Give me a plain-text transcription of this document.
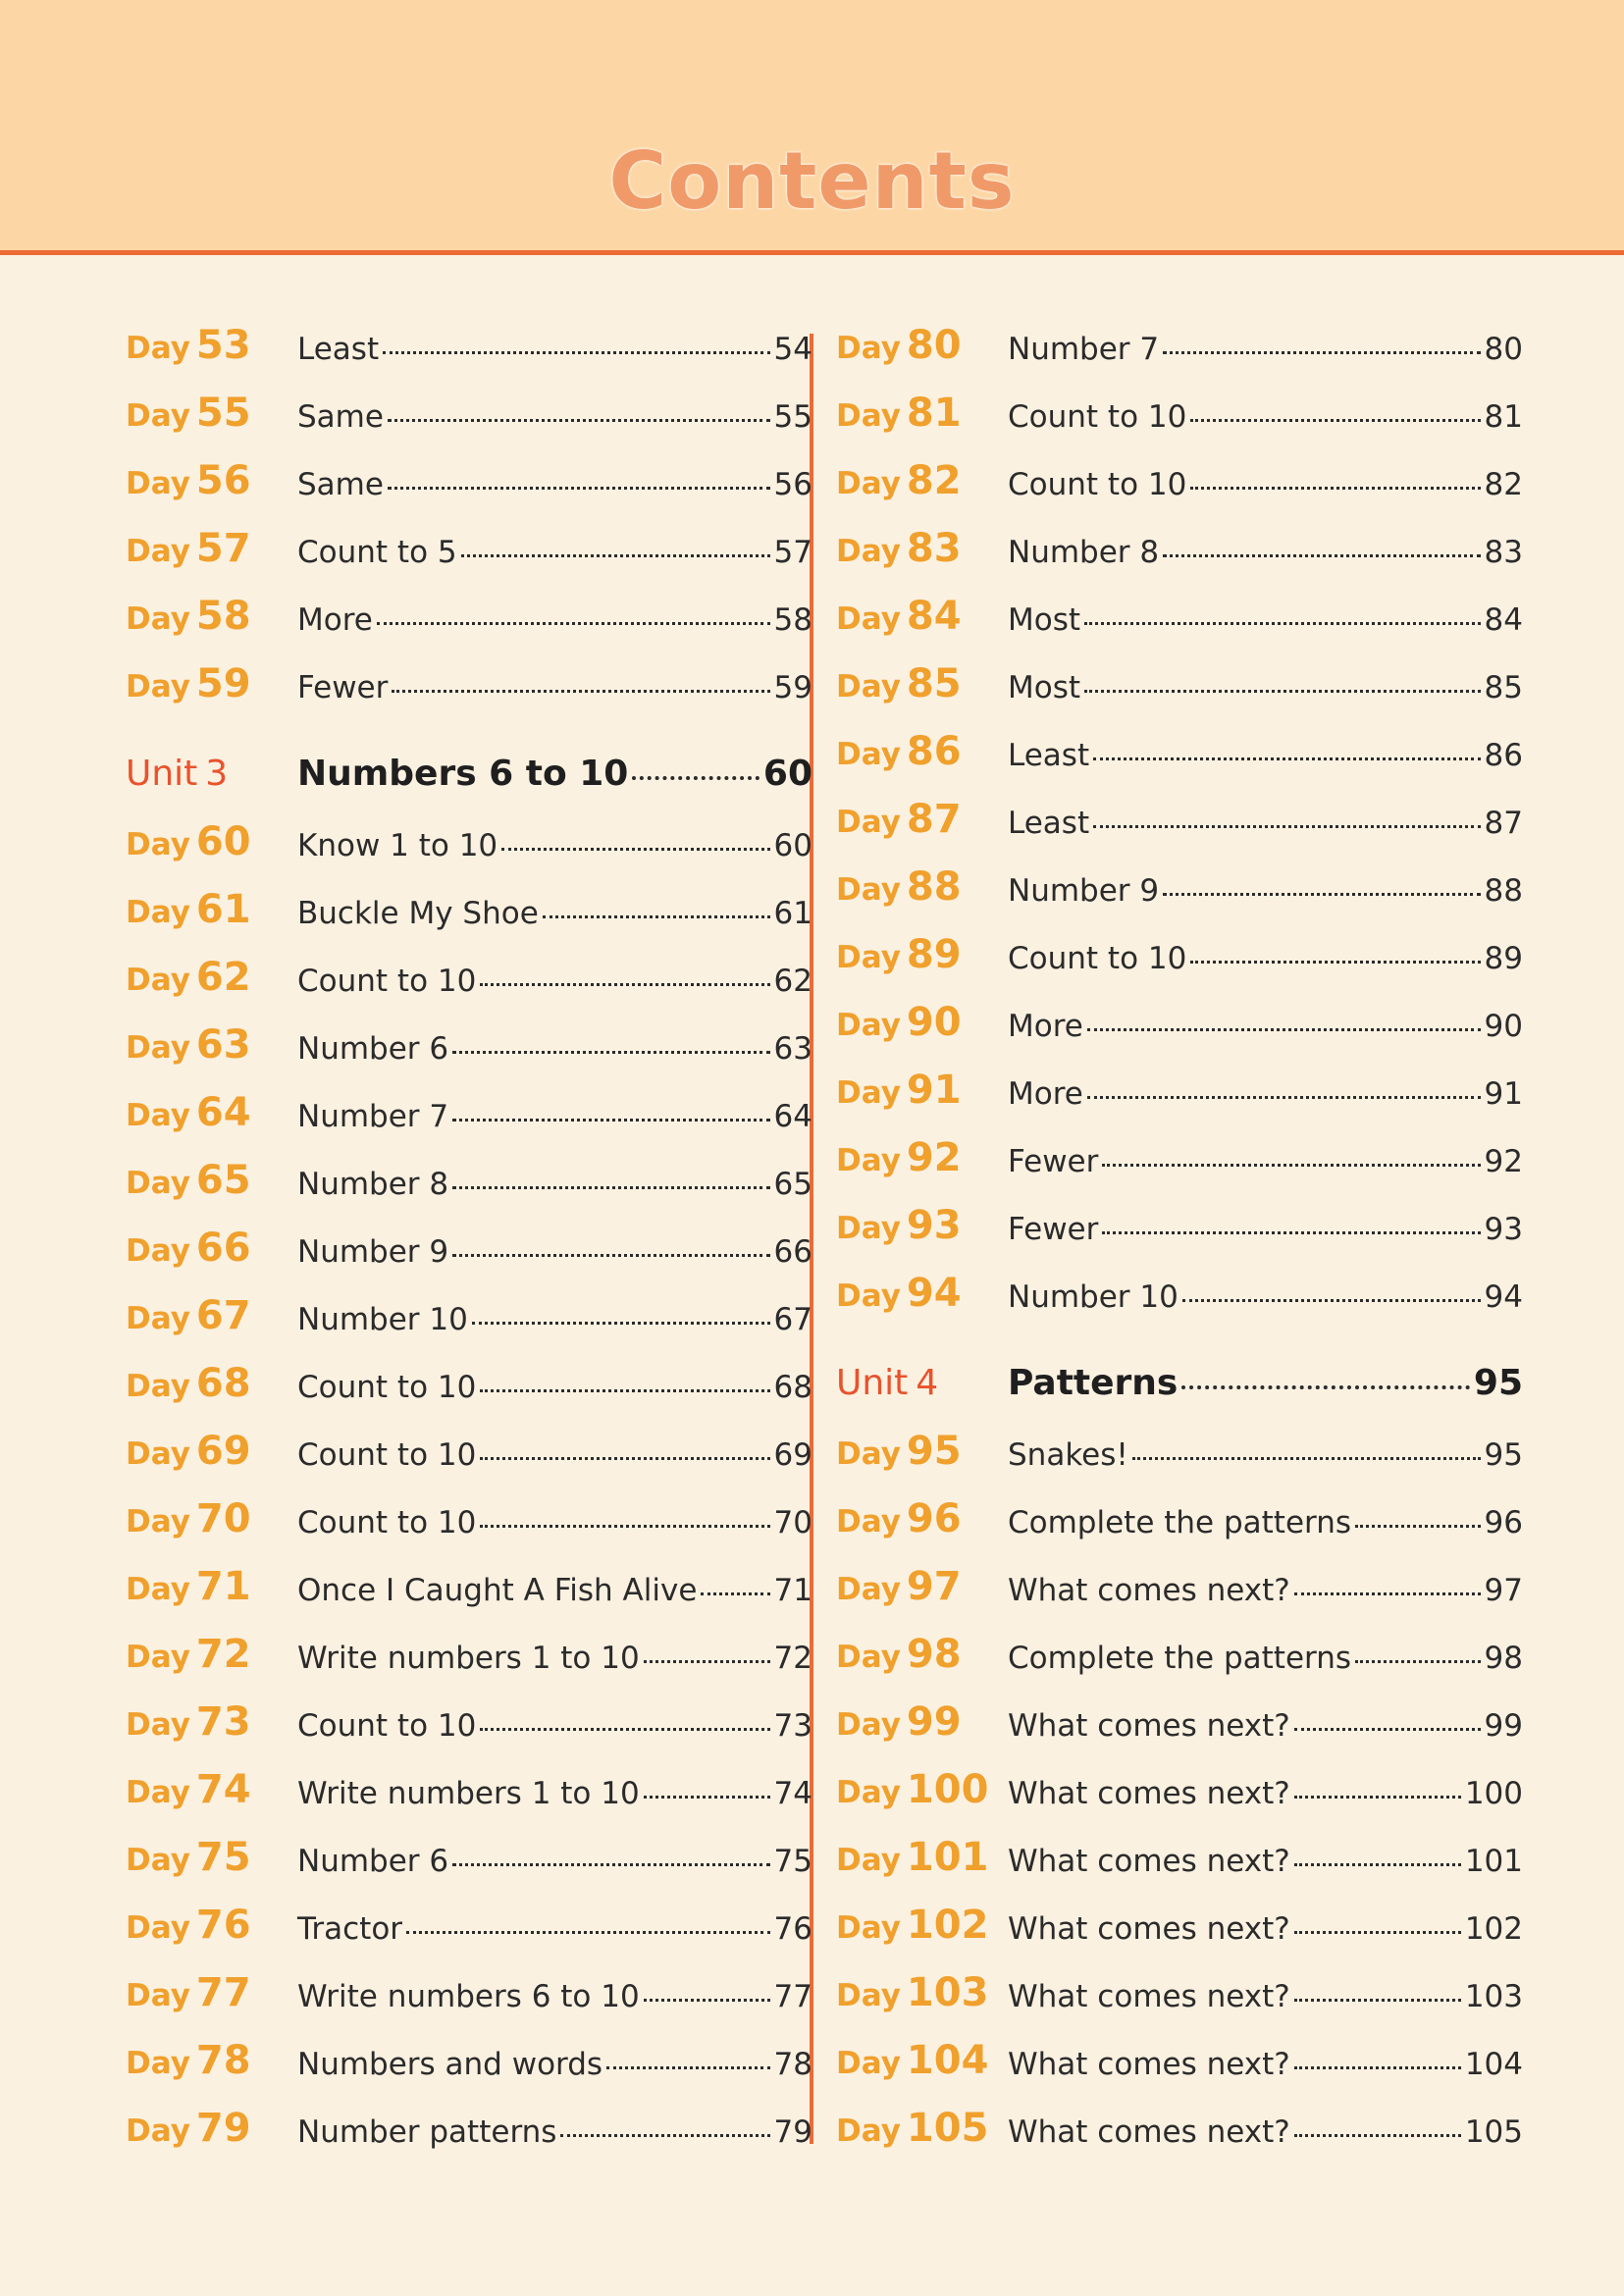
Contents
Day 53 Least	54
Day 55 Same	55
Day 56 Same	56
Day 57 Count to 5	57
Day 58 More	58
Day 59 Fewer	59
Unit 3 Numbers 6 to 10	60
Day 60 Know 1 to 10	60
Day 61 Buckle My Shoe	61
Day 62 Count to 10	62
Day 63 Number 6	63
Day 64 Number 7	64
Day 65 Number 8	65
Day 66 Number 9	66
Day 67 Number 10	67
Day 68 Count to 10	68
Day 69 Count to 10	69
Day 70 Count to 10	70
Day 71 Once I Caught A Fish Alive	71
Day 72 Write numbers 1 to 10	72
Day 73 Count to 10	73
Day 74 Write numbers 1 to 10	74
Day 75 Number 6	75
Day 76 Tractor	76
Day 77 Write numbers 6 to 10	77
Day 78 Numbers and words	78
Day 79 Number patterns	79
Day 80 Number 7	80
Day 81 Count to 10	81
Day 82 Count to 10	82
Day 83 Number 8	83
Day 84 Most	84
Day 85 Most	85
Day 86 Least	86
Day 87 Least	87
Day 88 Number 9	88
Day 89 Count to 10	89
Day 90 More	90
Day 91 More	91
Day 92 Fewer	92
Day 93 Fewer	93
Day 94 Number 10	94
Unit 4 Patterns	95
Day 95 Snakes!	95
Day 96 Complete the patterns	96
Day 97 What comes next?	97
Day 98 Complete the patterns	98
Day 99 What comes next?	99
Day 100 What comes next?	100
Day 101 What comes next?	101
Day 102 What comes next?	102
Day 103 What comes next?	103
Day 104 What comes next?	104
Day 105 What comes next?	105
